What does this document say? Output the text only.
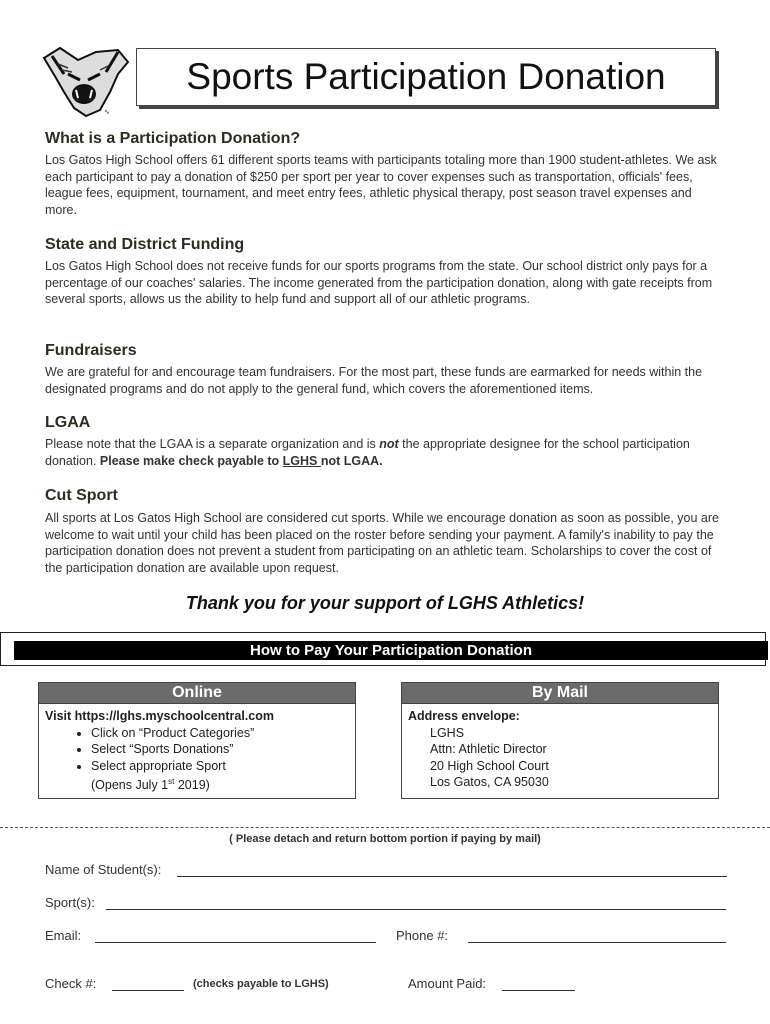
∿
Sports Participation Donation
What is a Participation Donation?
Los Gatos High School offers 61 different sports teams with participants totaling more than 1900 student-athletes. We ask each participant to pay a donation of $250 per sport per year to cover expenses such as transportation, officials' fees, league fees, equipment, tournament, and meet entry fees, athletic physical therapy, post season travel expenses and more.
State and District Funding
Los Gatos High School does not receive funds for our sports programs from the state. Our school district only pays for a percentage of our coaches' salaries. The income generated from the participation donation, along with gate receipts from several sports, allows us the ability to help fund and support all of our athletic programs.
Fundraisers
We are grateful for and encourage team fundraisers. For the most part, these funds are earmarked for needs within the designated programs and do not apply to the general fund, which covers the aforementioned items.
LGAA
Please note that the LGAA is a separate organization and is not the appropriate designee for the school participation donation. Please make check payable to LGHS not LGAA.
Cut Sport
All sports at Los Gatos High School are considered cut sports. While we encourage donation as soon as possible, you are welcome to wait until your child has been placed on the roster before sending your payment. A family's inability to pay the participation donation does not prevent a student from participating on an athletic team. Scholarships to cover the cost of the participation donation are available upon request.
Thank you for your support of LGHS Athletics!
How to Pay Your Participation Donation
Online
Visit https://lghs.myschoolcentral.com
• Click on “Product Categories”
• Select “Sports Donations”
• Select appropriate Sport
(Opens July 1st 2019)
By Mail
Address envelope:
LGHS
Attn: Athletic Director
20 High School Court
Los Gatos, CA 95030
( Please detach and return bottom portion if paying by mail)
Name of Student(s):
Sport(s):
Email:	Phone #:
Check #:	(checks payable to LGHS)	Amount Paid:
